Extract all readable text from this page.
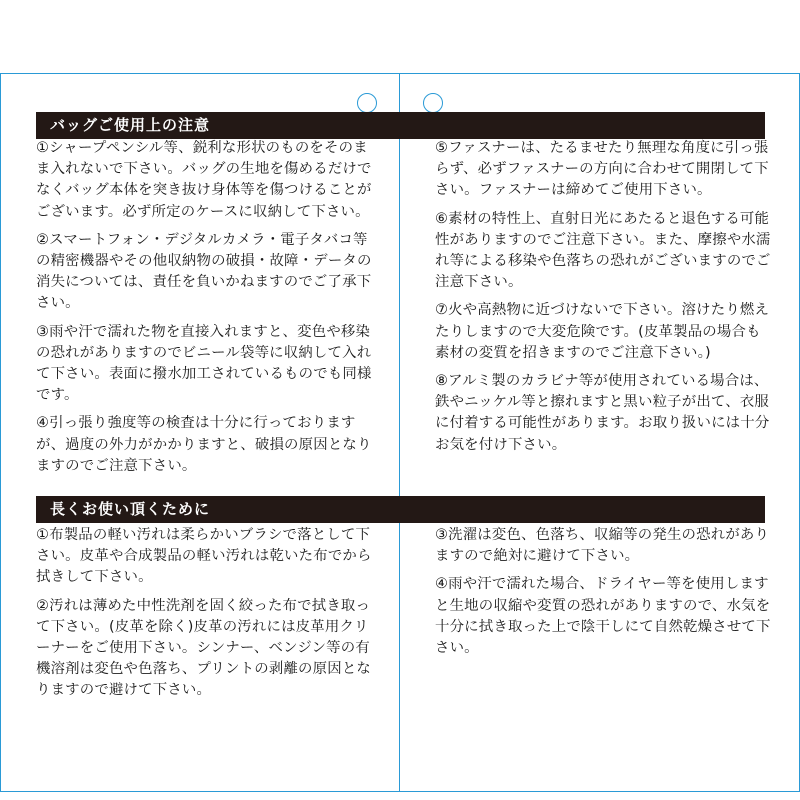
バッグご使用上の注意
①シャープペンシル等、鋭利な形状のものをそのまま入れないで下さい。バッグの生地を傷めるだけでなくバッグ本体を突き抜け身体等を傷つけることがございます。必ず所定のケースに収納して下さい。
②スマートフォン・デジタルカメラ・電子タバコ等の精密機器やその他収納物の破損・故障・データの消失については、責任を負いかねますのでご了承下さい。
③雨や汗で濡れた物を直接入れますと、変色や移染の恐れがありますのでビニール袋等に収納して入れて下さい。表面に撥水加工されているものでも同様です。
④引っ張り強度等の検査は十分に行っておりますが、過度の外力がかかりますと、破損の原因となりますのでご注意下さい。
⑤ファスナーは、たるませたり無理な角度に引っ張らず、必ずファスナーの方向に合わせて開閉して下さい。ファスナーは締めてご使用下さい。
⑥素材の特性上、直射日光にあたると退色する可能性がありますのでご注意下さい。また、摩擦や水濡れ等による移染や色落ちの恐れがございますのでご注意下さい。
⑦火や高熱物に近づけないで下さい。溶けたり燃えたりしますので大変危険です。(皮革製品の場合も素材の変質を招きますのでご注意下さい。)
⑧アルミ製のカラビナ等が使用されている場合は、鉄やニッケル等と擦れますと黒い粒子が出て、衣服に付着する可能性があります。お取り扱いには十分お気を付け下さい。
長くお使い頂くために
①布製品の軽い汚れは柔らかいブラシで落として下さい。皮革や合成製品の軽い汚れは乾いた布でから拭きして下さい。
②汚れは薄めた中性洗剤を固く絞った布で拭き取って下さい。(皮革を除く)皮革の汚れには皮革用クリーナーをご使用下さい。シンナー、ベンジン等の有機溶剤は変色や色落ち、プリントの剥離の原因となりますので避けて下さい。
③洗濯は変色、色落ち、収縮等の発生の恐れがありますので絶対に避けて下さい。
④雨や汗で濡れた場合、ドライヤー等を使用しますと生地の収縮や変質の恐れがありますので、水気を十分に拭き取った上で陰干しにて自然乾燥させて下さい。
